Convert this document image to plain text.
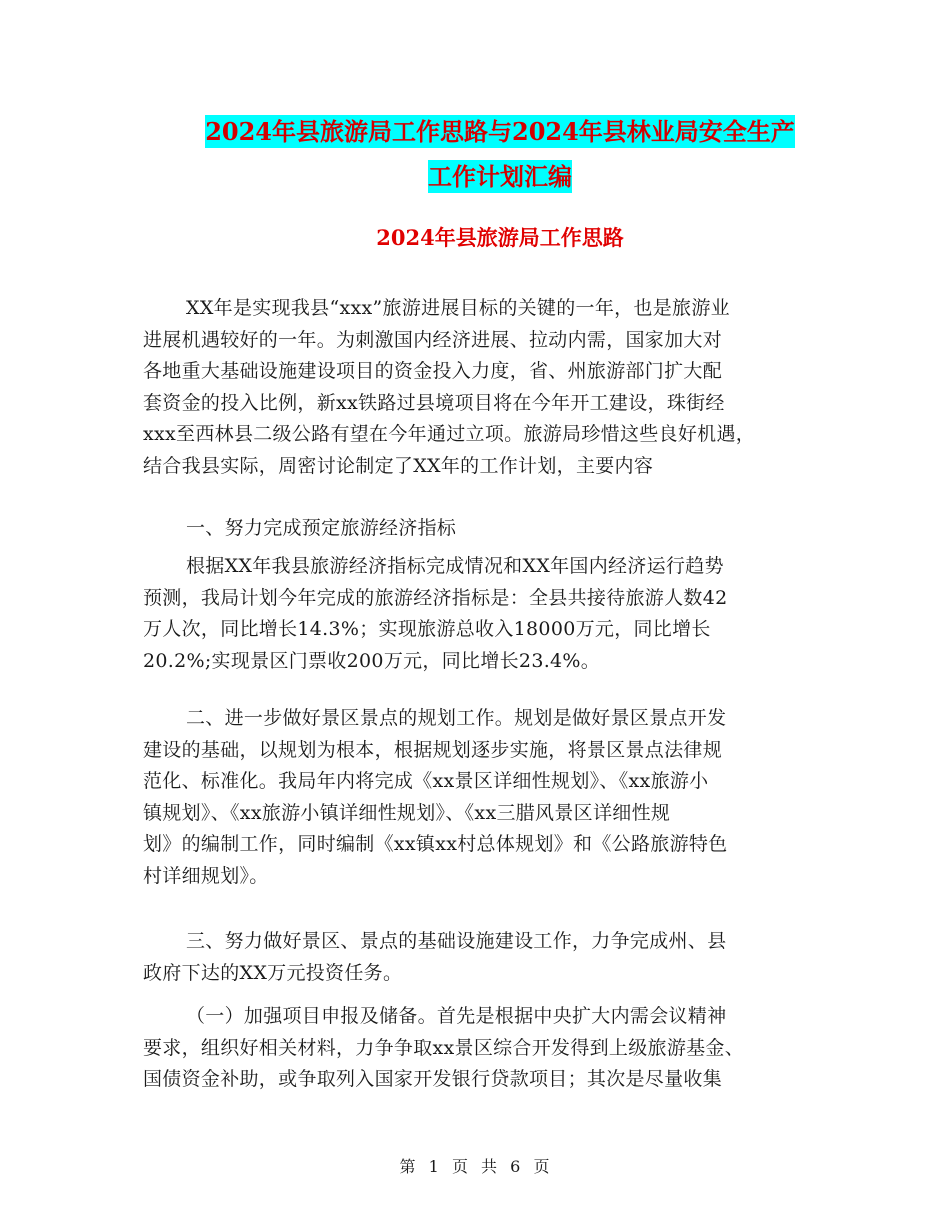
2024年县旅游局工作思路与2024年县林业局安全生产
工作计划汇编
2024年县旅游局工作思路
XX年是实现我县“xxx”旅游进展目标的关键的一年，也是旅游业
进展机遇较好的一年。为刺激国内经济进展、拉动内需，国家加大对
各地重大基础设施建设项目的资金投入力度，省、州旅游部门扩大配
套资金的投入比例，新xx铁路过县境项目将在今年开工建设，珠街经
xxx至西林县二级公路有望在今年通过立项。旅游局珍惜这些良好机遇，
结合我县实际，周密讨论制定了XX年的工作计划，主要内容
一、努力完成预定旅游经济指标
根据XX年我县旅游经济指标完成情况和XX年国内经济运行趋势
预测，我局计划今年完成的旅游经济指标是：全县共接待旅游人数42
万人次，同比增长14.3%；实现旅游总收入18000万元，同比增长
20.2%;实现景区门票收200万元，同比增长23.4%。
二、进一步做好景区景点的规划工作。规划是做好景区景点开发
建设的基础，以规划为根本，根据规划逐步实施，将景区景点法律规
范化、标准化。我局年内将完成《xx景区详细性规划》、《xx旅游小
镇规划》、《xx旅游小镇详细性规划》、《xx三腊风景区详细性规
划》的编制工作，同时编制《xx镇xx村总体规划》和《公路旅游特色
村详细规划》。
三、努力做好景区、景点的基础设施建设工作，力争完成州、县
政府下达的XX万元投资任务。
（一）加强项目申报及储备。首先是根据中央扩大内需会议精神
要求，组织好相关材料，力争争取xx景区综合开发得到上级旅游基金、
国债资金补助，或争取列入国家开发银行贷款项目；其次是尽量收集
第 1 页 共 6 页
